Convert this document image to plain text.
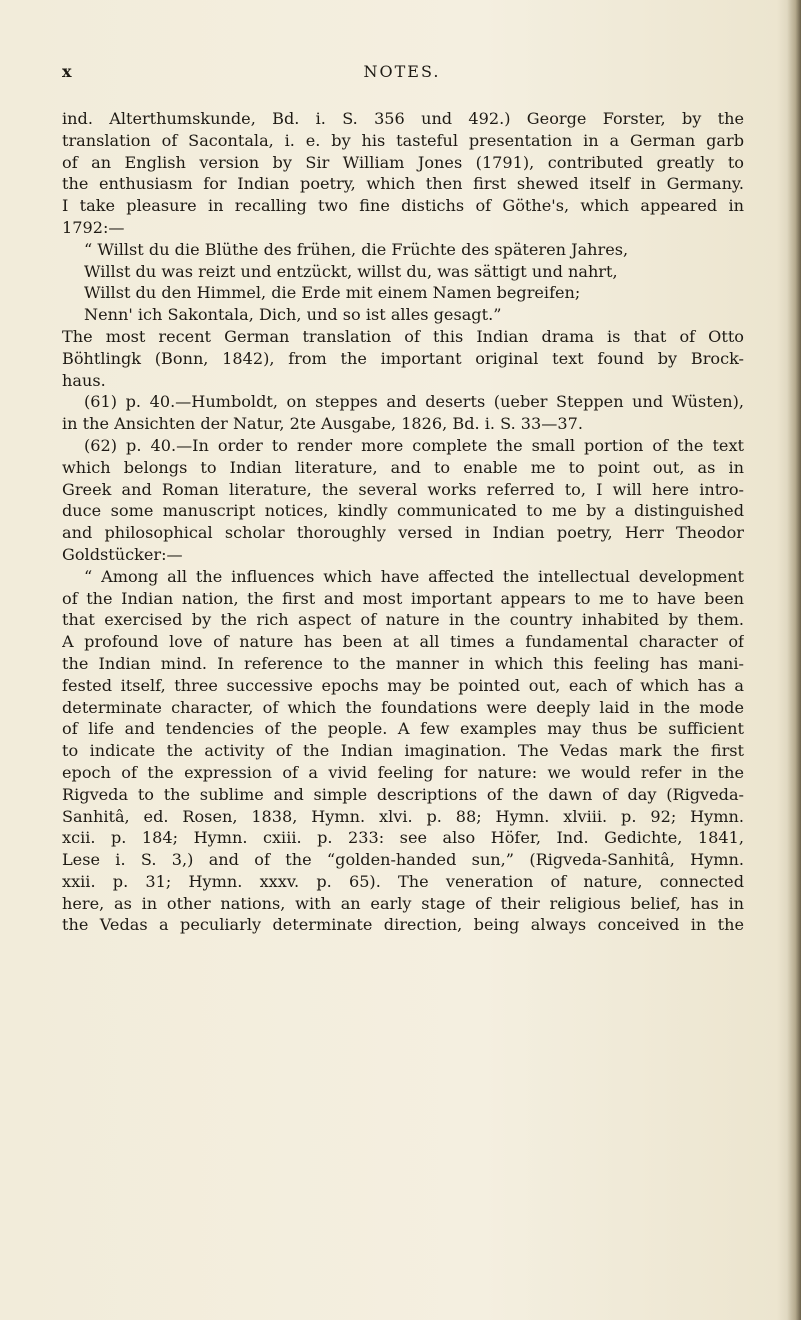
x	NOTES.
ind. Alterthumskunde, Bd. i. S. 356 und 492.) George Forster, by the
translation of Sacontala, i. e. by his tasteful presentation in a German garb
of an English version by Sir William Jones (1791), contributed greatly to
the enthusiasm for Indian poetry, which then first shewed itself in Germany.
I take pleasure in recalling two fine distichs of Göthe's, which appeared in
1792:—
“ Willst du die Blüthe des frühen, die Früchte des späteren Jahres,
Willst du was reizt und entzückt, willst du, was sättigt und nahrt,
Willst du den Himmel, die Erde mit einem Namen begreifen;
Nenn' ich Sakontala, Dich, und so ist alles gesagt.”
The most recent German translation of this Indian drama is that of Otto
Böhtlingk (Bonn, 1842), from the important original text found by Brock-
haus.
(61) p. 40.—Humboldt, on steppes and deserts (ueber Steppen und Wüsten),
in the Ansichten der Natur, 2te Ausgabe, 1826, Bd. i. S. 33—37.
(62) p. 40.—In order to render more complete the small portion of the text
which belongs to Indian literature, and to enable me to point out, as in
Greek and Roman literature, the several works referred to, I will here intro-
duce some manuscript notices, kindly communicated to me by a distinguished
and philosophical scholar thoroughly versed in Indian poetry, Herr Theodor
Goldstücker:—
“ Among all the influences which have affected the intellectual development
of the Indian nation, the first and most important appears to me to have been
that exercised by the rich aspect of nature in the country inhabited by them.
A profound love of nature has been at all times a fundamental character of
the Indian mind. In reference to the manner in which this feeling has mani-
fested itself, three successive epochs may be pointed out, each of which has a
determinate character, of which the foundations were deeply laid in the mode
of life and tendencies of the people. A few examples may thus be sufficient
to indicate the activity of the Indian imagination. The Vedas mark the first
epoch of the expression of a vivid feeling for nature: we would refer in the
Rigveda to the sublime and simple descriptions of the dawn of day (Rigveda-
Sanhitâ, ed. Rosen, 1838, Hymn. xlvi. p. 88; Hymn. xlviii. p. 92; Hymn.
xcii. p. 184; Hymn. cxiii. p. 233: see also Höfer, Ind. Gedichte, 1841,
Lese i. S. 3,) and of the “golden-handed sun,” (Rigveda-Sanhitâ, Hymn.
xxii. p. 31; Hymn. xxxv. p. 65). The veneration of nature, connected
here, as in other nations, with an early stage of their religious belief, has in
the Vedas a peculiarly determinate direction, being always conceived in the
